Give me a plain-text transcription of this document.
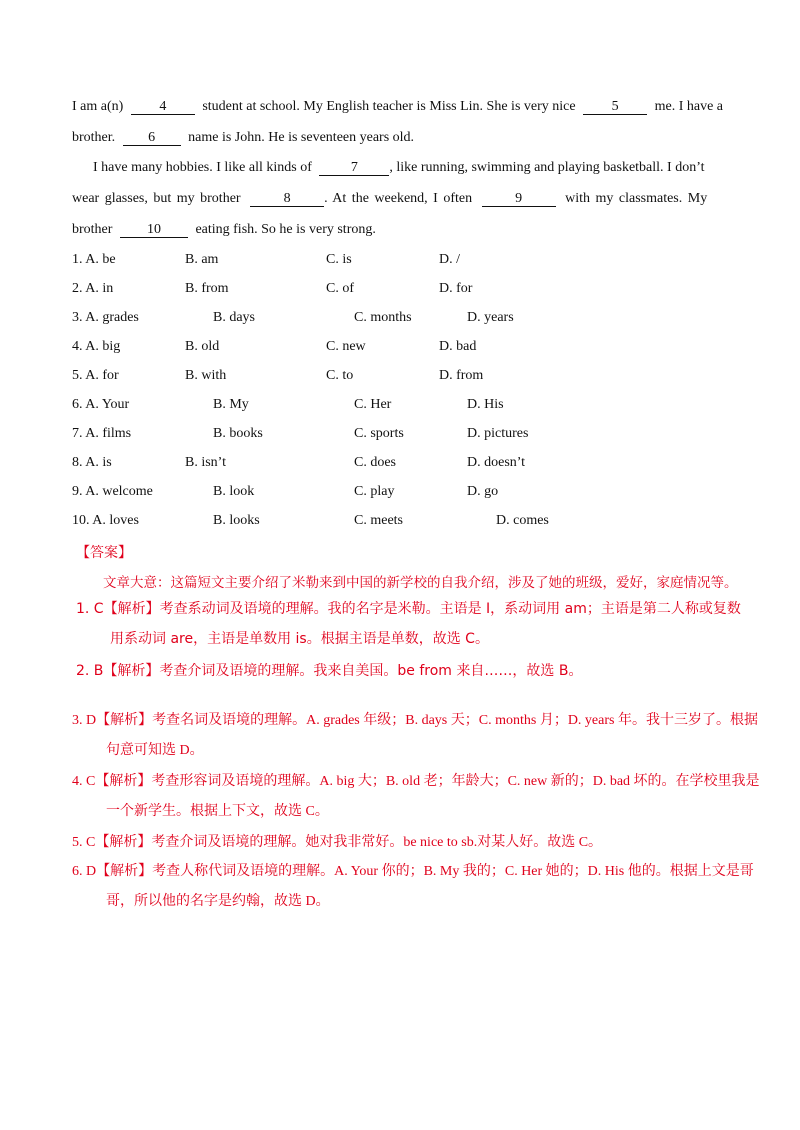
I am a(n)	4	student at school. My English teacher is Miss Lin. She is very nice	5	me. I have a
brother. 6 name is John. He is seventeen years old.
I have many hobbies. I like all kinds of	7 , like running, swimming and playing basketball. I don’t
wear glasses, but my brother	8 . At the weekend, I often	9	with my classmates. My
brother 10 eating fish. So he is very strong.
1. A. be	B. am	C. is	D. /
2. A. in	B. from	C. of	D. for
3. A. grades	B. days	C. months	D. years
4. A. big	B. old	C. new	D. bad
5. A. for	B. with	C. to	D. from
6. A. Your	B. My	C. Her	D. His
7. A. films	B. books	C. sports	D. pictures
8. A. is	B. isn’t	C. does	D. doesn’t
9. A. welcome	B. look	C. play	D. go
10. A. loves	B. looks	C. meets	D. comes
【答案】
文章大意：这篇短文主要介绍了米勒来到中国的新学校的自我介绍，涉及了她的班级，爱好，家庭情况等。
1. C【解析】考查系动词及语境的理解。我的名字是米勒。主语是 I，系动词用 am；主语是第二人称或复数
用系动词 are，主语是单数用 is。根据主语是单数，故选 C。
2. B【解析】考查介词及语境的理解。我来自美国。be from 来自……，故选 B。
3. D【解析】考查名词及语境的理解。A. grades 年级；B. days 天；C. months 月；D. years 年。我十三岁了。根据
句意可知选 D。
4. C【解析】考查形容词及语境的理解。A. big 大；B. old 老；年龄大；C. new 新的；D. bad 坏的。在学校里我是
一个新学生。根据上下文，故选 C。
5. C【解析】考查介词及语境的理解。她对我非常好。be nice to sb.对某人好。故选 C。
6. D【解析】考查人称代词及语境的理解。A. Your 你的；B. My 我的；C. Her 她的；D. His 他的。根据上文是哥
哥，所以他的名字是约翰，故选 D。
